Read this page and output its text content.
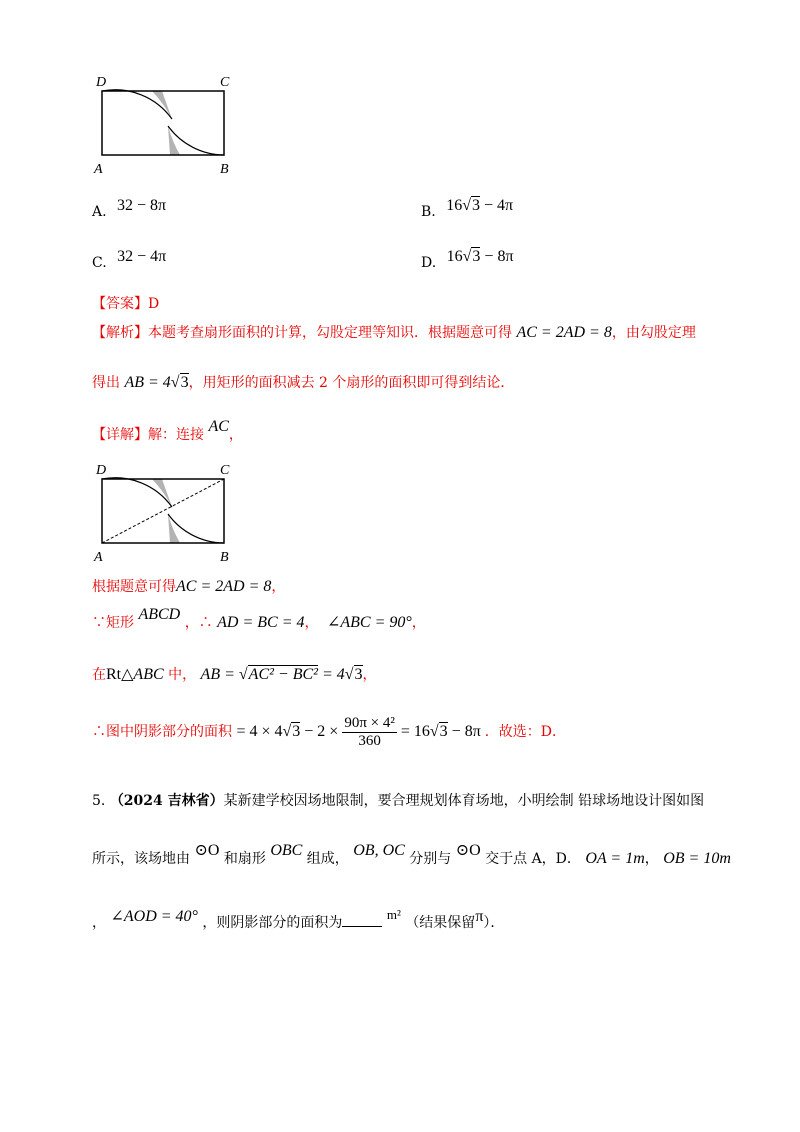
D	C
A	B
A. 32 − 8π	B. 16√3 − 4π
C. 32 − 4π	D. 16√3 − 8π
【答案】D
【解析】本题考查扇形面积的计算，勾股定理等知识．根据题意可得 AC = 2AD = 8，由勾股定理
得出 AB = 4√3，用矩形的面积减去 2 个扇形的面积即可得到结论．
【详解】解：连接 AC，
D	C
A	B
根据题意可得AC = 2AD = 8，
∵矩形 ABCD ，∴ AD = BC = 4， ∠ABC = 90°，
在Rt△ABC 中， AB = √AC² − BC² = 4√3，
∴图中阴影部分的面积 = $4 \times 4√3 - 2 \times \frac{\text{90π × 4²}}{360} = 16√3 - 8\pi$ ．故选：D．
5. （2024 吉林省）某新建学校因场地限制，要合理规划体育场地，小明绘制 铅球场地设计图如图
所示，该场地由 ⊙O 和扇形 OBC 组成， OB, OC 分别与 ⊙O 交于点 A，D． OA = 1m， OB = 10m
， ∠AOD = 40° ，则阴影部分的面积为 m² （结果保留π）．
